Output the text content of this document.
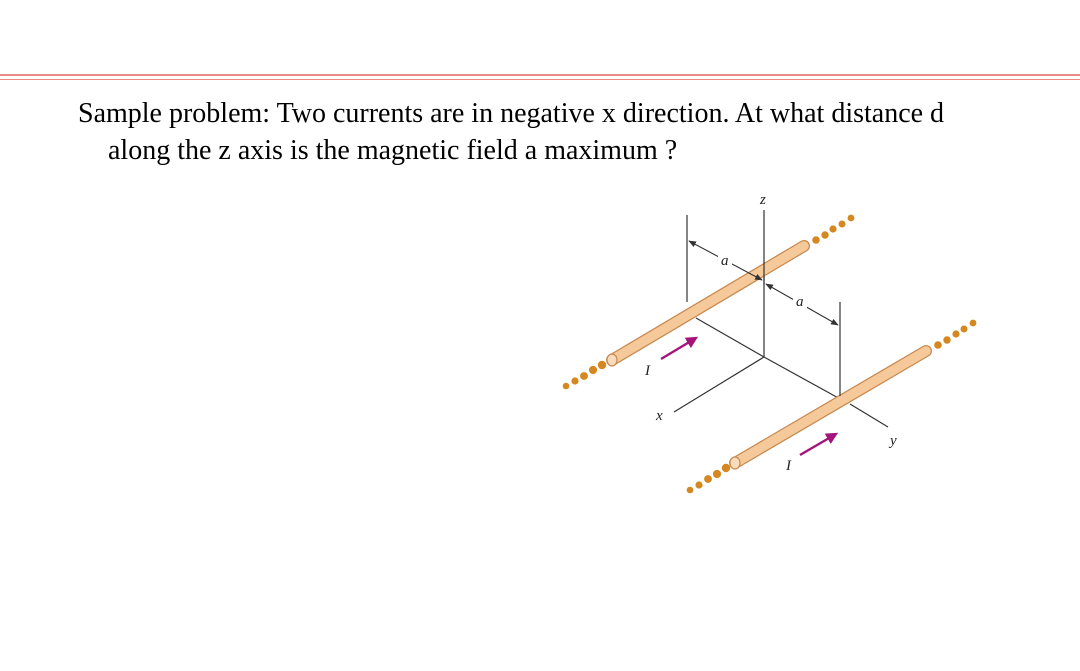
Sample problem: Two currents are in negative x direction. At what distance d
along the z axis is the magnetic field a maximum ?
a
a
z
x
y
I
I
